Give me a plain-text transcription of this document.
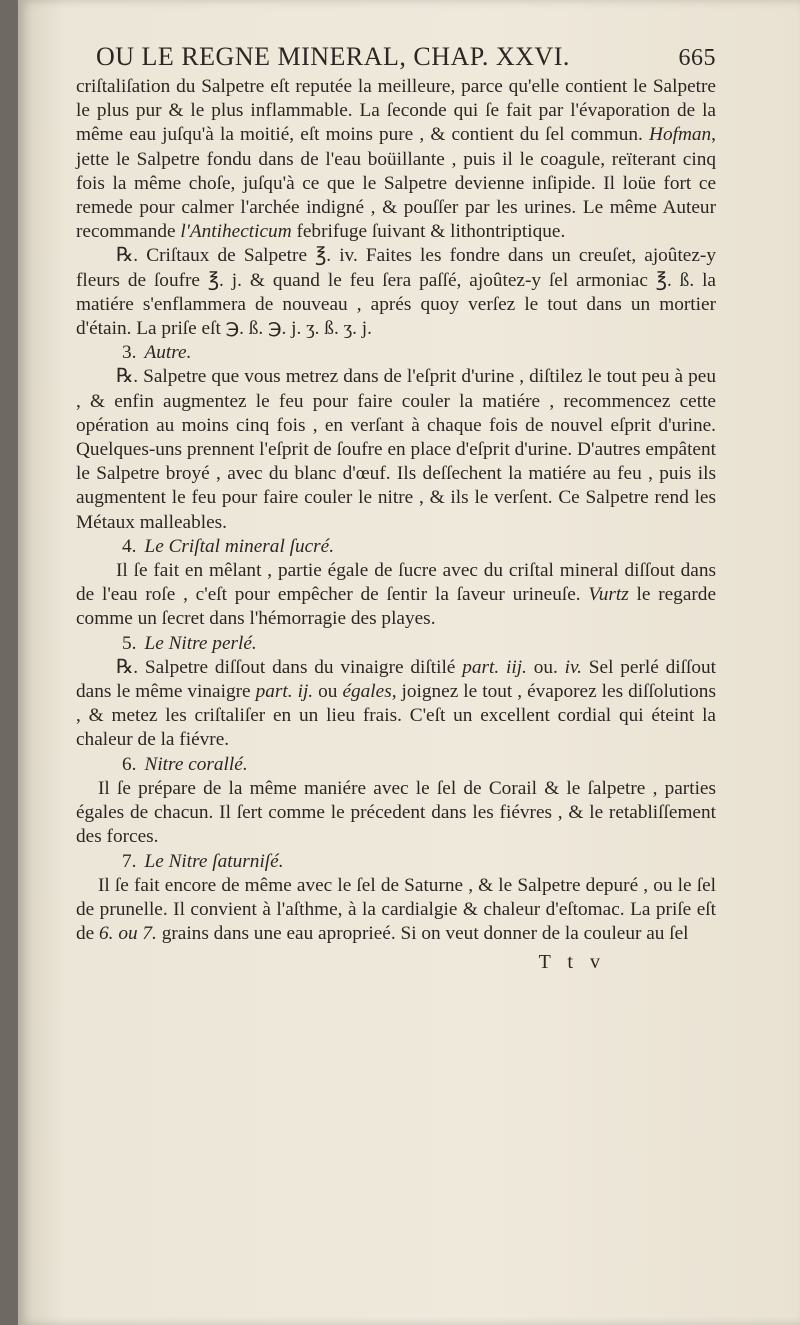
OU LE REGNE MINERAL, CHAP. XXVI.	665

criſtaliſation du Salpetre eſt reputée la meilleure, parce qu'elle contient le Salpetre le plus pur & le plus inflammable. La ſeconde qui ſe fait par l'évaporation de la même eau juſqu'à la moitié, eſt moins pure , & contient du ſel commun. Hofman, jette le Salpetre fondu dans de l'eau boüillante , puis il le coagule, reïterant cinq fois la même choſe, juſqu'à ce que le Salpetre devienne inſipide. Il loüe fort ce remede pour calmer l'archée indigné , & pouſſer par les urines. Le même Auteur recommande l'Antihecticum febrifuge ſuivant & lithontriptique.

℞. Criſtaux de Salpetre ℥. iv. Faites les fondre dans un creuſet, ajoûtez-y fleurs de ſoufre ℥. j. & quand le feu ſera paſſé, ajoûtez-y ſel armoniac ℥. ß. la matiére s'enflammera de nouveau , aprés quoy verſez le tout dans un mortier d'étain. La priſe eſt ℈. ß. ℈. j. ʒ. ß. ʒ. j.

3. Autre.

℞. Salpetre que vous metrez dans de l'eſprit d'urine , diſtilez le tout peu à peu , & enfin augmentez le feu pour faire couler la matiére , recommencez cette opération au moins cinq fois , en verſant à chaque fois de nouvel eſprit d'urine. Quelques-uns prennent l'eſprit de ſoufre en place d'eſprit d'urine. D'autres empâtent le Salpetre broyé , avec du blanc d'œuf. Ils deſſechent la matiére au feu , puis ils augmentent le feu pour faire couler le nitre , & ils le verſent. Ce Salpetre rend les Métaux malleables.

4. Le Criſtal mineral ſucré.

Il ſe fait en mêlant , partie égale de ſucre avec du criſtal mineral diſſout dans de l'eau roſe , c'eſt pour empêcher de ſentir la ſaveur urineuſe. Vurtz le regarde comme un ſecret dans l'hémorragie des playes.

5. Le Nitre perlé.

℞. Salpetre diſſout dans du vinaigre diſtilé part. iij. ou. iv. Sel perlé diſſout dans le même vinaigre part. ij. ou égales, joignez le tout , évaporez les diſſolutions , & metez les criſtaliſer en un lieu frais. C'eſt un excellent cordial qui éteint la chaleur de la fiévre.

6. Nitre corallé.

Il ſe prépare de la même maniére avec le ſel de Corail & le ſalpetre , parties égales de chacun. Il ſert comme le précedent dans les fiévres , & le retabliſſement des forces.

7. Le Nitre ſaturniſé.

Il ſe fait encore de même avec le ſel de Saturne , & le Salpetre depuré , ou le ſel de prunelle. Il convient à l'aſthme, à la cardialgie & chaleur d'eſtomac. La priſe eſt de 6. ou 7. grains dans une eau aproprieé. Si on veut donner de la couleur au ſel

T t v
